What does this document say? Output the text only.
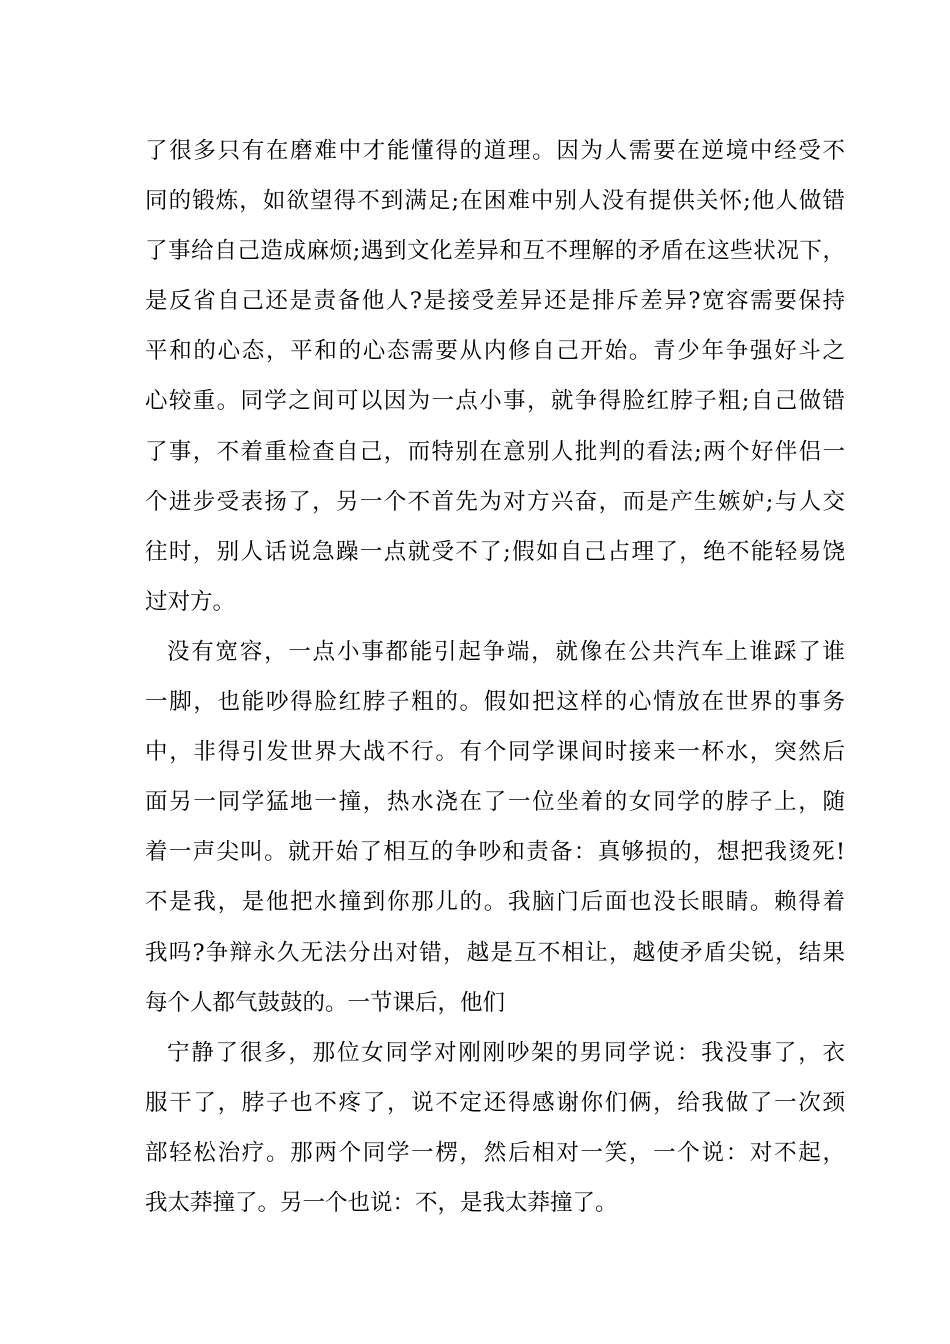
了很多只有在磨难中才能懂得的道理。因为人需要在逆境中经受不
同的锻炼，如欲望得不到满足;在困难中别人没有提供关怀;他人做错
了事给自己造成麻烦;遇到文化差异和互不理解的矛盾在这些状况下，
是反省自己还是责备他人?是接受差异还是排斥差异?宽容需要保持
平和的心态，平和的心态需要从内修自己开始。青少年争强好斗之
心较重。同学之间可以因为一点小事，就争得脸红脖子粗;自己做错
了事，不着重检查自己，而特别在意别人批判的看法;两个好伴侣一
个进步受表扬了，另一个不首先为对方兴奋，而是产生嫉妒;与人交
往时，别人话说急躁一点就受不了;假如自己占理了，绝不能轻易饶
过对方。
没有宽容，一点小事都能引起争端，就像在公共汽车上谁踩了谁
一脚，也能吵得脸红脖子粗的。假如把这样的心情放在世界的事务
中，非得引发世界大战不行。有个同学课间时接来一杯水，突然后
面另一同学猛地一撞，热水浇在了一位坐着的女同学的脖子上，随
着一声尖叫。就开始了相互的争吵和责备：真够损的，想把我烫死!
不是我，是他把水撞到你那儿的。我脑门后面也没长眼睛。赖得着
我吗?争辩永久无法分出对错，越是互不相让，越使矛盾尖锐，结果
每个人都气鼓鼓的。一节课后，他们
宁静了很多，那位女同学对刚刚吵架的男同学说：我没事了，衣
服干了，脖子也不疼了，说不定还得感谢你们俩，给我做了一次颈
部轻松治疗。那两个同学一楞，然后相对一笑，一个说：对不起，
我太莽撞了。另一个也说：不，是我太莽撞了。
